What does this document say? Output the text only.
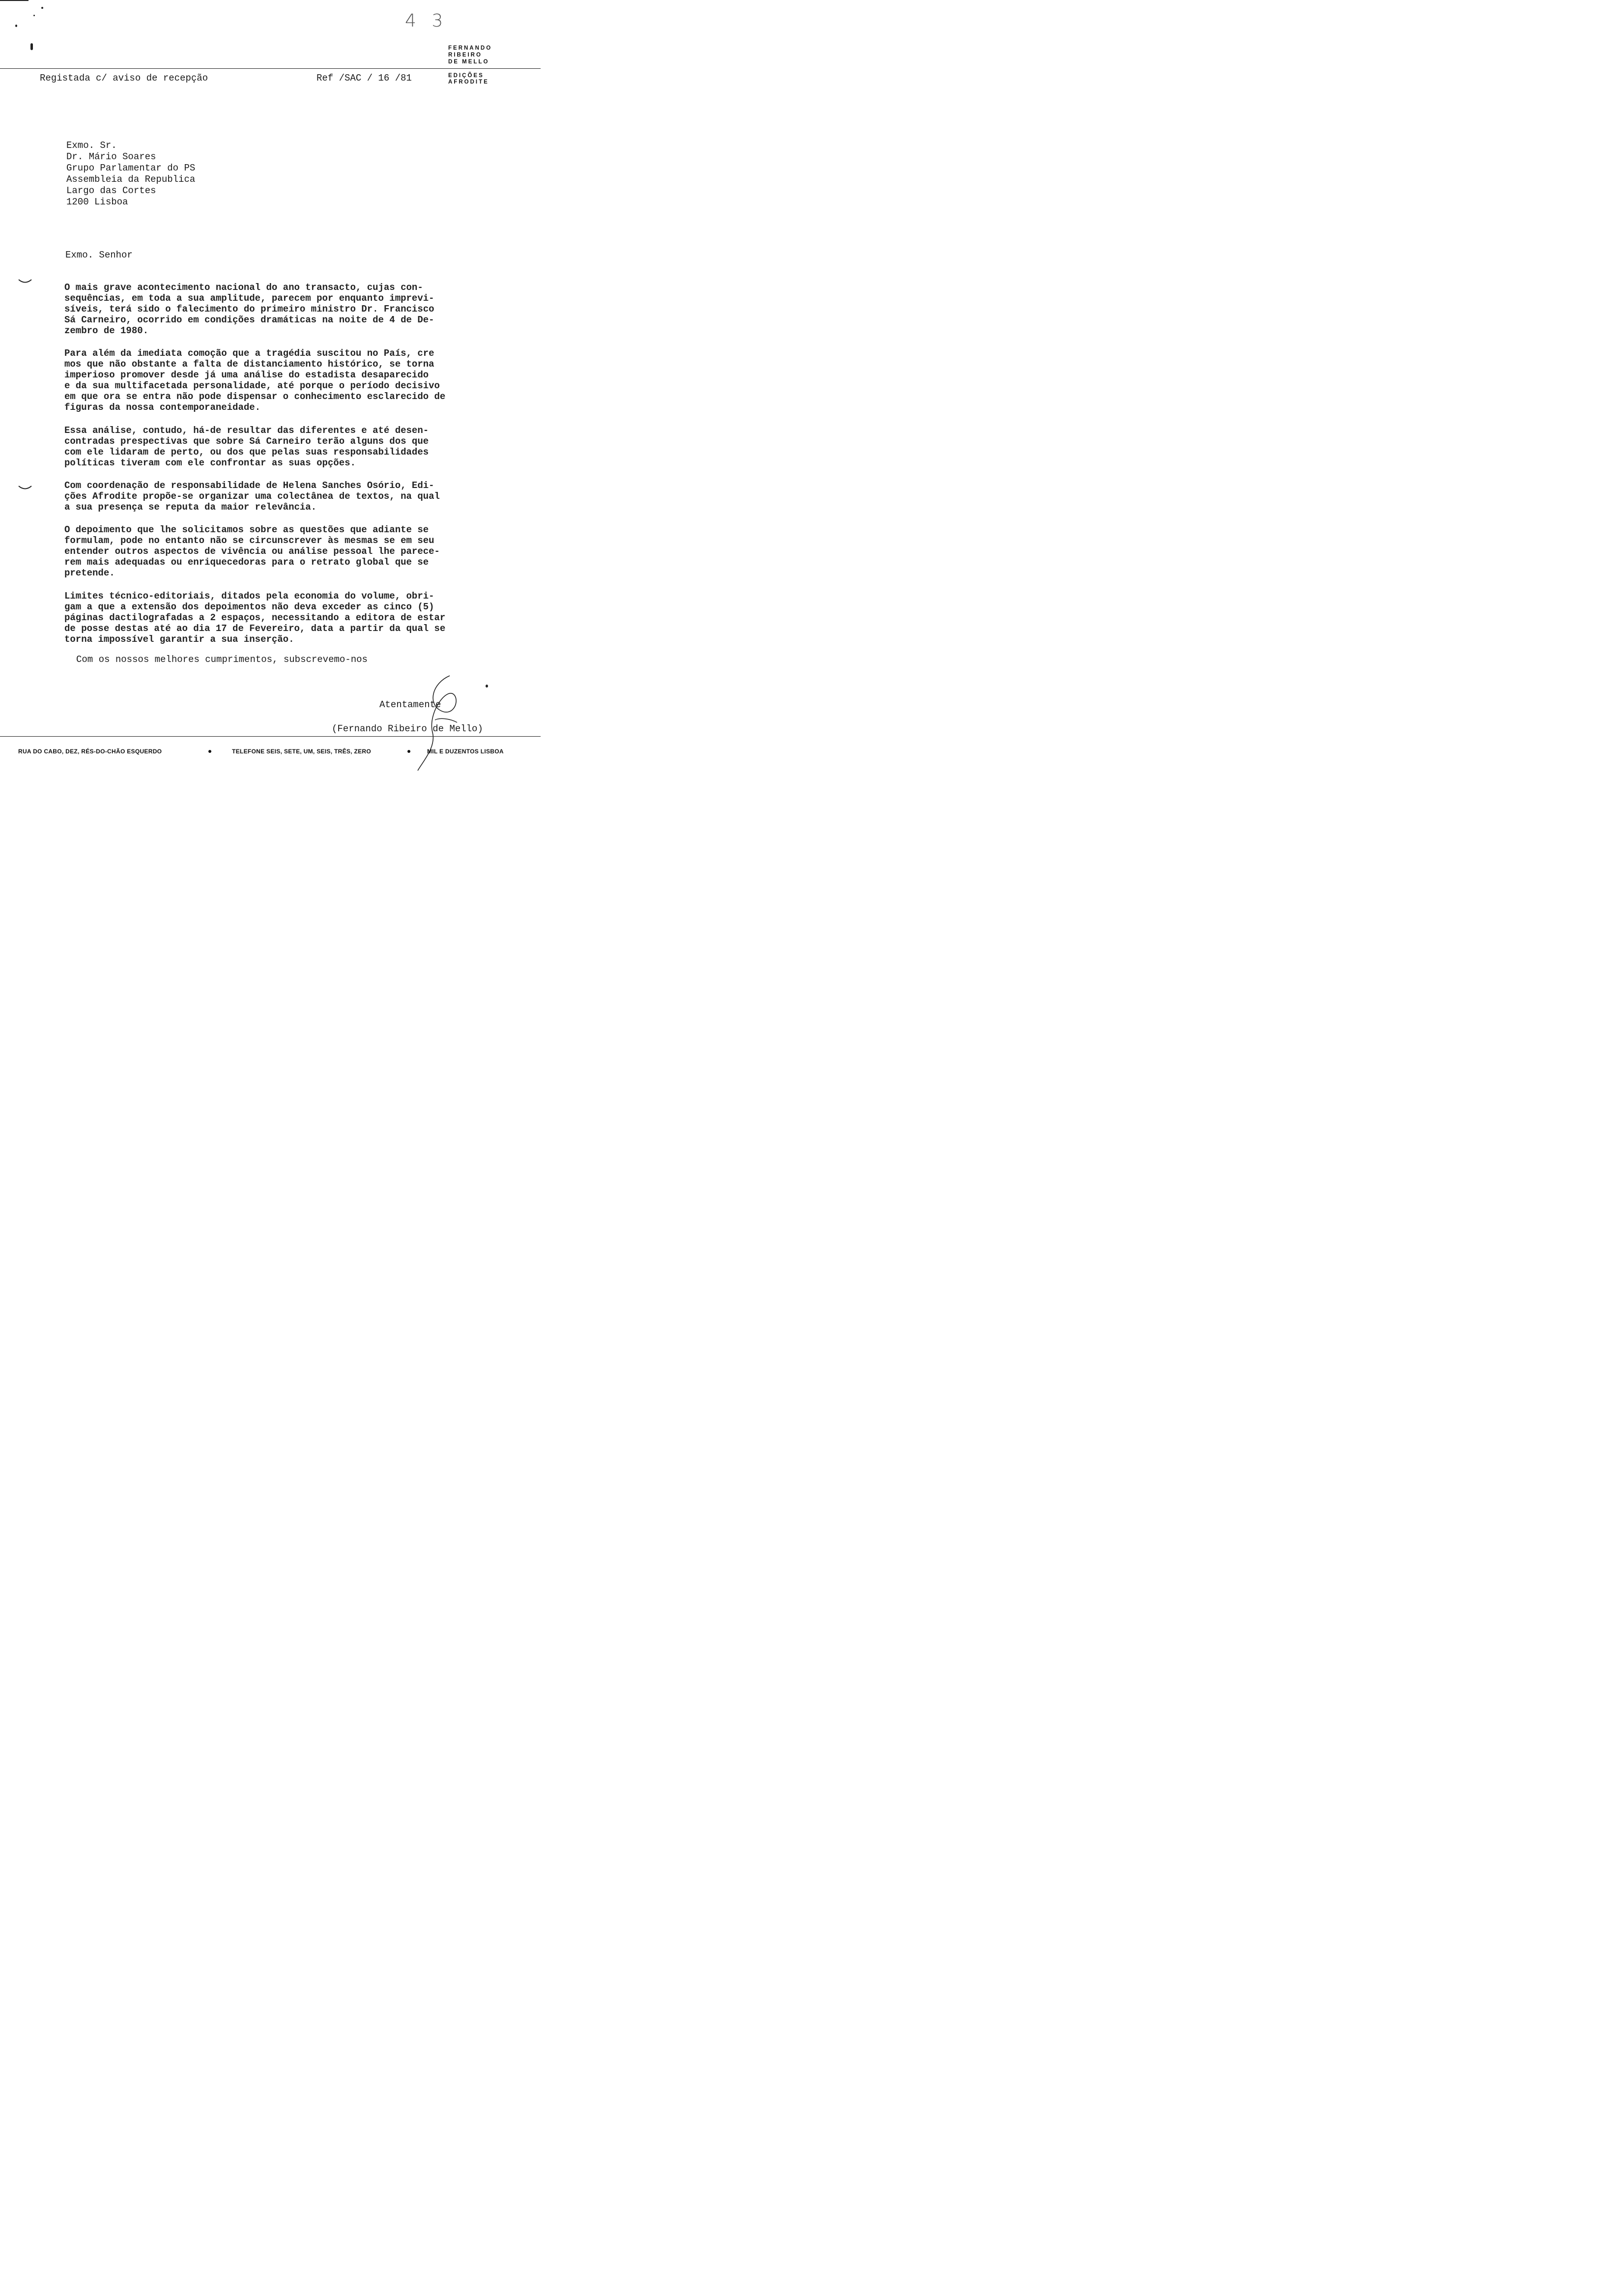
4 3
FERNANDO
RIBEIRO
DE MELLO
EDIÇÕES
AFRODITE
Registada c/ aviso de recepção	Ref /SAC / 16 /81
Exmo. Sr.
Dr. Mário Soares
Grupo Parlamentar do PS
Assembleia da Republica
Largo das Cortes
1200 Lisboa
Exmo. Senhor
O mais grave acontecimento nacional do ano transacto, cujas con-
sequências, em toda a sua amplitude, parecem por enquanto imprevi-
síveis, terá sido o falecimento do primeiro ministro Dr. Francisco
Sá Carneiro, ocorrido em condições dramáticas na noite de 4 de De-
zembro de 1980.
Para além da imediata comoção que a tragédia suscitou no País, cre
mos que não obstante a falta de distanciamento histórico, se torna
imperioso promover desde já uma análise do estadista desaparecido
e da sua multifacetada personalidade, até porque o período decisivo
em que ora se entra não pode dispensar o conhecimento esclarecido de
figuras da nossa contemporaneidade.
Essa análise, contudo, há-de resultar das diferentes e até desen-
contradas prespectivas que sobre Sá Carneiro terão alguns dos que
com ele lidaram de perto, ou dos que pelas suas responsabilidades
políticas tiveram com ele confrontar as suas opções.
Com coordenação de responsabilidade de Helena Sanches Osório, Edi-
ções Afrodite propõe-se organizar uma colectânea de textos, na qual
a sua presença se reputa da maior relevância.
O depoimento que lhe solicitamos sobre as questões que adiante se
formulam, pode no entanto não se circunscrever às mesmas se em seu
entender outros aspectos de vivência ou análise pessoal lhe parece-
rem mais adequadas ou enriquecedoras para o retrato global que se
pretende.
Limites técnico-editoriais, ditados pela economia do volume, obri-
gam a que a extensão dos depoimentos não deva exceder as cinco (5)
páginas dactilografadas a 2 espaços, necessitando a editora de estar
de posse destas até ao dia 17 de Fevereiro, data a partir da qual se
torna impossível garantir a sua inserção.
Com os nossos melhores cumprimentos, subscrevemo-nos
Atentamente
(Fernando Ribeiro de Mello)
RUA DO CABO, DEZ, RÉS-DO-CHÃO ESQUERDO	TELEFONE SEIS, SETE, UM, SEIS, TRÊS, ZERO	MIL E DUZENTOS LISBOA
